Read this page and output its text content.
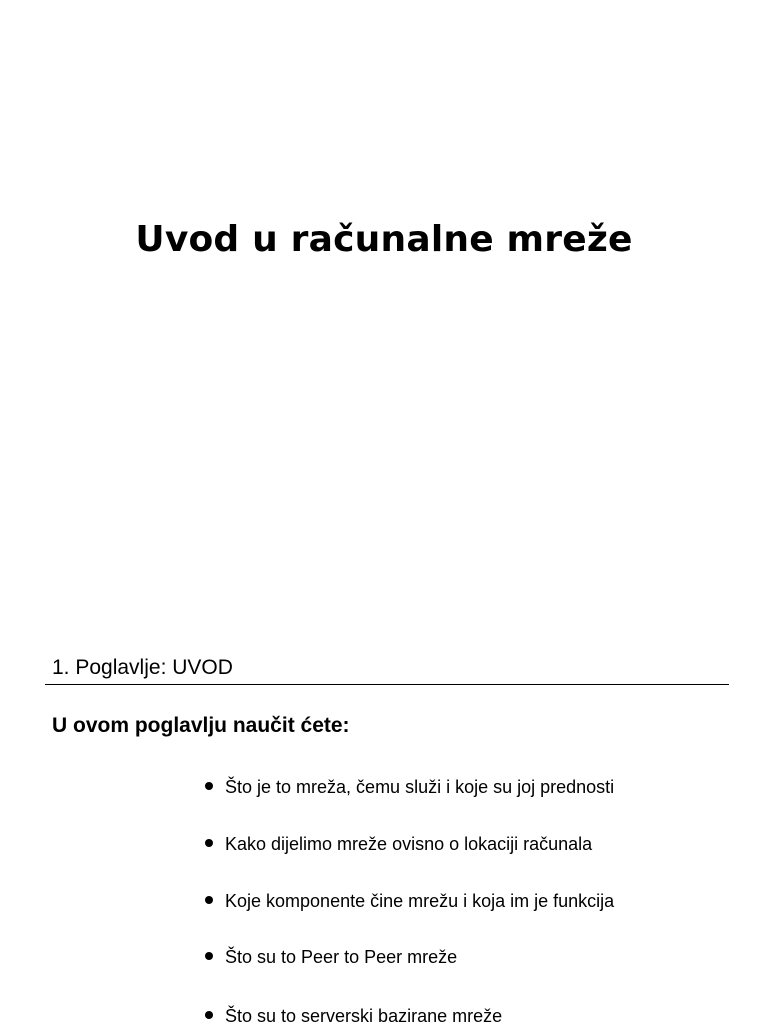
Uvod u računalne mreže
1. Poglavlje: UVOD
U ovom poglavlju naučit ćete:
Što je to mreža, čemu služi i koje su joj prednosti
Kako dijelimo mreže ovisno o lokaciji računala
Koje komponente čine mrežu i koja im je funkcija
Što su to Peer to Peer mreže
Što su to serverski bazirane mreže
